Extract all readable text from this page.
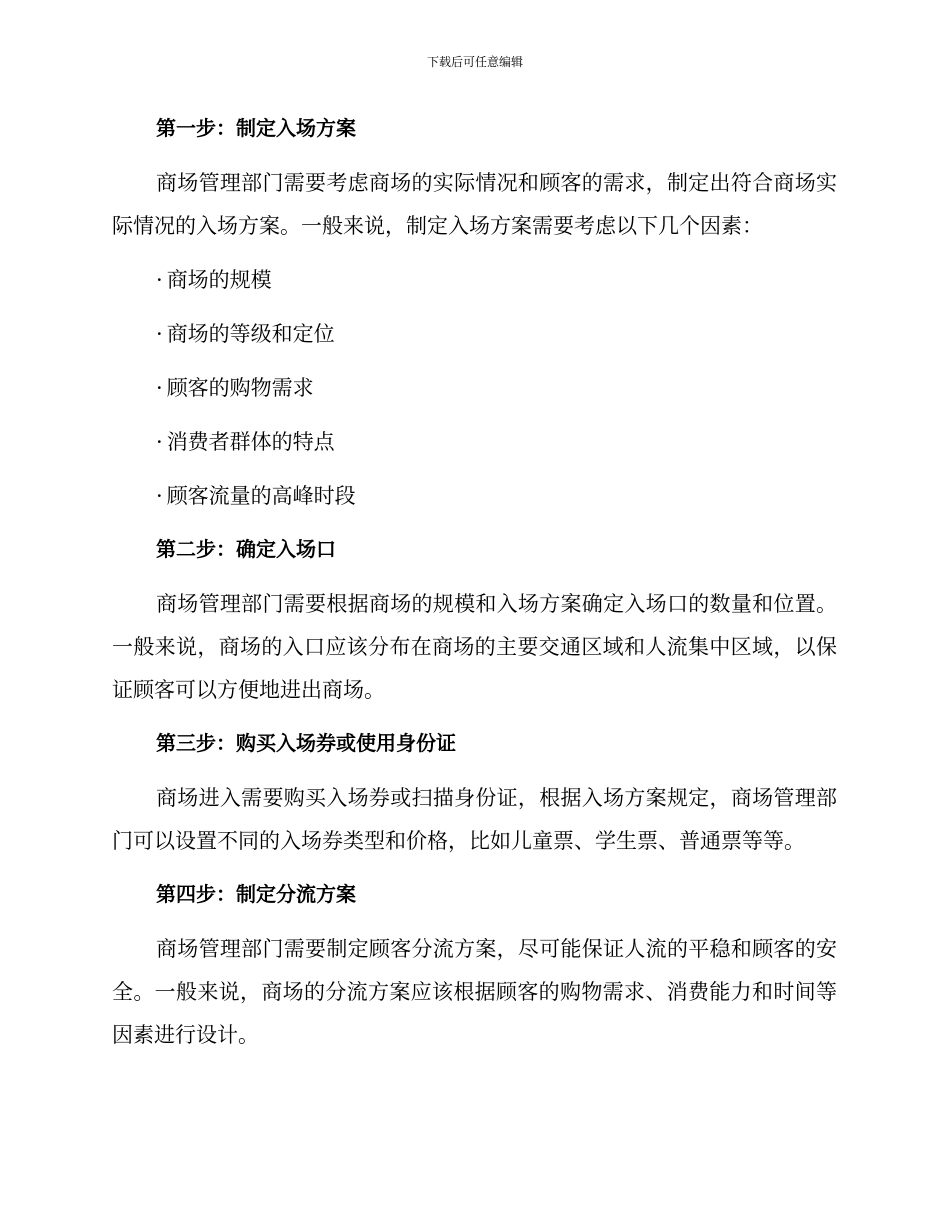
下载后可任意编辑
第一步：制定入场方案

商场管理部门需要考虑商场的实际情况和顾客的需求，制定出符合商场实际情况的入场方案。一般来说，制定入场方案需要考虑以下几个因素：

· 商场的规模
· 商场的等级和定位
· 顾客的购物需求
· 消费者群体的特点
· 顾客流量的高峰时段
第二步：确定入场口

商场管理部门需要根据商场的规模和入场方案确定入场口的数量和位置。一般来说，商场的入口应该分布在商场的主要交通区域和人流集中区域，以保证顾客可以方便地进出商场。

第三步：购买入场券或使用身份证

商场进入需要购买入场券或扫描身份证，根据入场方案规定，商场管理部门可以设置不同的入场券类型和价格，比如儿童票、学生票、普通票等等。

第四步：制定分流方案

商场管理部门需要制定顾客分流方案，尽可能保证人流的平稳和顾客的安全。一般来说，商场的分流方案应该根据顾客的购物需求、消费能力和时间等因素进行设计。
